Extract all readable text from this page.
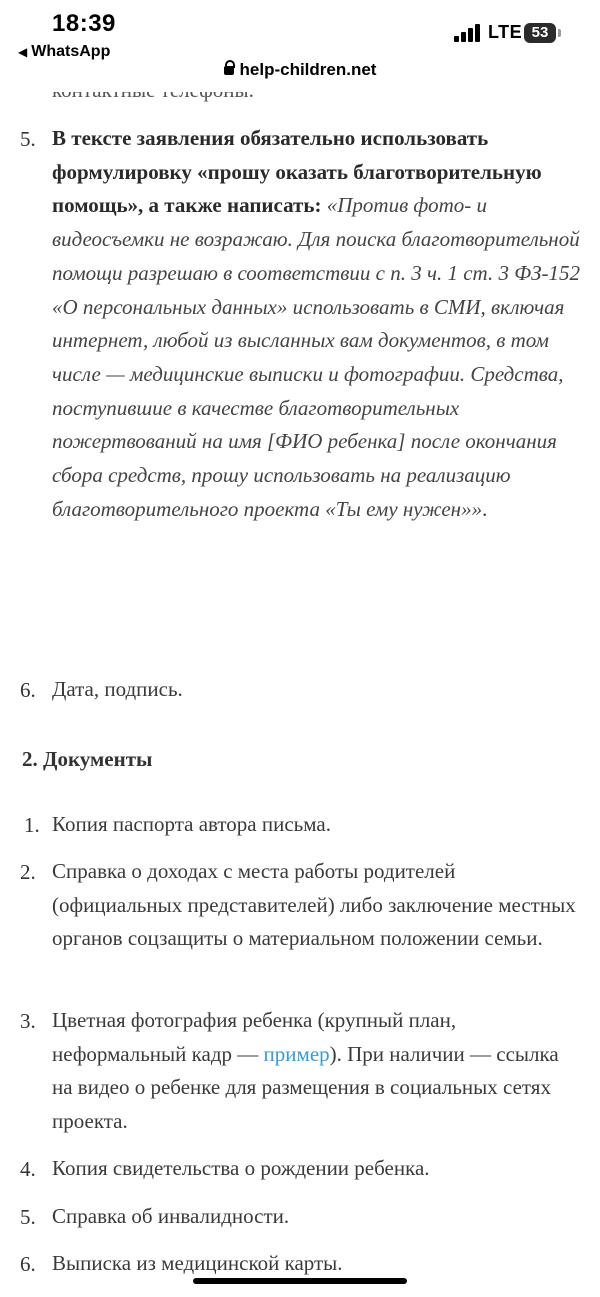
18:39
◀ WhatsApp
LTE 53
help-children.net
5. В тексте заявления обязательно использовать формулировку «прошу оказать благотворительную помощь», а также написать: «Против фото- и видеосъемки не возражаю. Для поиска благотворительной помощи разрешаю в соответствии с п. 3 ч. 1 ст. 3 ФЗ-152 «О персональных данных» использовать в СМИ, включая интернет, любой из высланных вам документов, в том числе — медицинские выписки и фотографии. Средства, поступившие в качестве благотворительных пожертвований на имя [ФИО ребенка] после окончания сбора средств, прошу использовать на реализацию благотворительного проекта «Ты ему нужен»».
6. Дата, подпись.
2. Документы
1. Копия паспорта автора письма.
2. Справка о доходах с места работы родителей (официальных представителей) либо заключение местных органов соцзащиты о материальном положении семьи.
3. Цветная фотография ребенка (крупный план, неформальный кадр — пример). При наличии — ссылка на видео о ребенке для размещения в социальных сетях проекта.
4. Копия свидетельства о рождении ребенка.
5. Справка об инвалидности.
6. Выписка из медицинской карты.
